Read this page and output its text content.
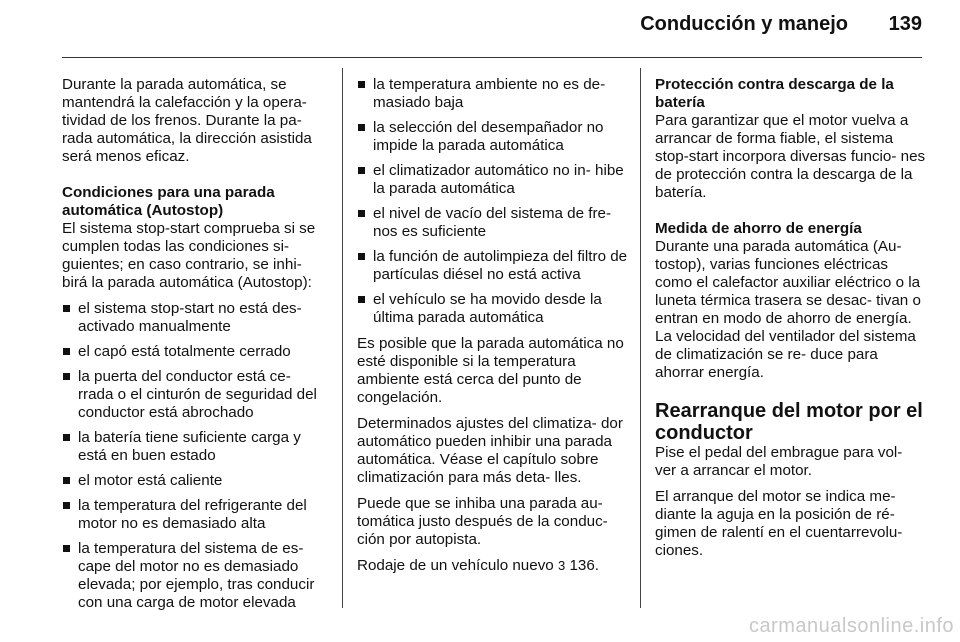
Conducción y manejo 139

Durante la parada automática, se mantendrá la calefacción y la opera- tividad de los frenos. Durante la pa- rada automática, la dirección asistida será menos eficaz.

Condiciones para una parada automática (Autostop)

El sistema stop-start comprueba si se cumplen todas las condiciones si- guientes; en caso contrario, se inhi- birá la parada automática (Autostop):

el sistema stop-start no está des- activado manualmente
el capó está totalmente cerrado
la puerta del conductor está ce- rrada o el cinturón de seguridad del conductor está abrochado
la batería tiene suficiente carga y está en buen estado
el motor está caliente
la temperatura del refrigerante del motor no es demasiado alta
la temperatura del sistema de es- cape del motor no es demasiado elevada; por ejemplo, tras conducir con una carga de motor elevada
la temperatura ambiente no es de- masiado baja
la selección del desempañador no impide la parada automática
el climatizador automático no in- hibe la parada automática
el nivel de vacío del sistema de fre- nos es suficiente
la función de autolimpieza del filtro de partículas diésel no está activa
el vehículo se ha movido desde la última parada automática

Es posible que la parada automática no esté disponible si la temperatura ambiente está cerca del punto de congelación.

Determinados ajustes del climatiza- dor automático pueden inhibir una parada automática. Véase el capítulo sobre climatización para más deta- lles.

Puede que se inhiba una parada au- tomática justo después de la conduc- ción por autopista.

Rodaje de un vehículo nuevo 3 136.

Protección contra descarga de la batería

Para garantizar que el motor vuelva a arrancar de forma fiable, el sistema stop-start incorpora diversas funcio- nes de protección contra la descarga de la batería.

Medida de ahorro de energía

Durante una parada automática (Au- tostop), varias funciones eléctricas como el calefactor auxiliar eléctrico o la luneta térmica trasera se desac- tivan o entran en modo de ahorro de energía. La velocidad del ventilador del sistema de climatización se re- duce para ahorrar energía.

Rearranque del motor por el conductor

Pise el pedal del embrague para vol- ver a arrancar el motor.

El arranque del motor se indica me- diante la aguja en la posición de ré- gimen de ralentí en el cuentarrevolu- ciones.

carmanualsonline.info
